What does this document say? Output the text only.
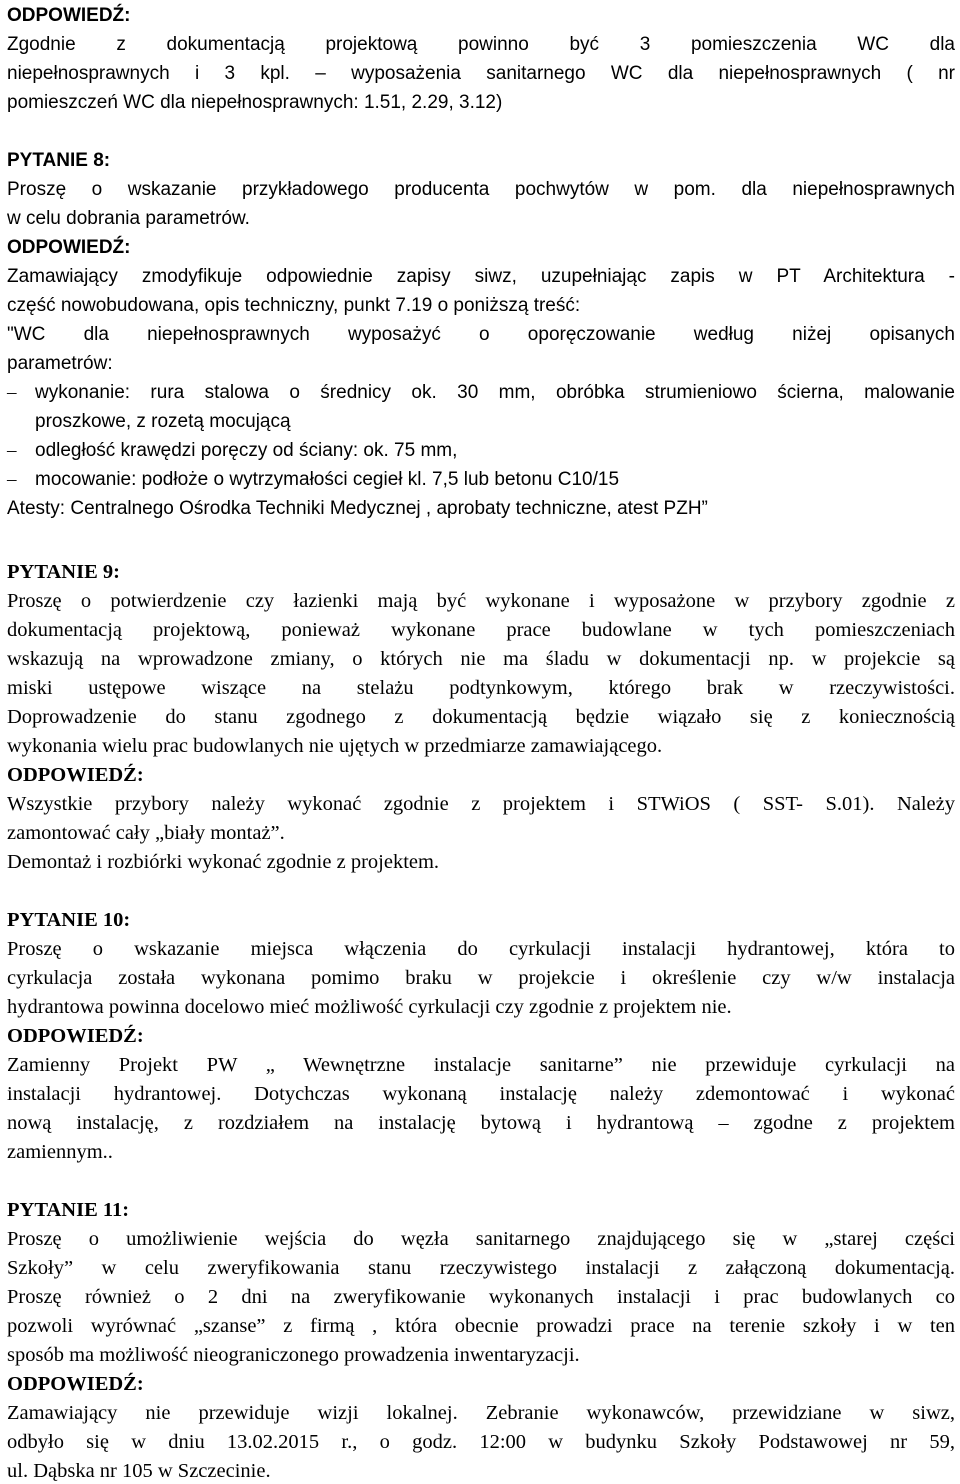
ODPOWIEDŹ:
Zgodnie z dokumentacją projektową powinno być 3 pomieszczenia WC dla
niepełnosprawnych i 3 kpl. – wyposażenia sanitarnego WC dla niepełnosprawnych ( nr
pomieszczeń WC dla niepełnosprawnych: 1.51, 2.29, 3.12)
PYTANIE 8:
Proszę o wskazanie przykładowego producenta pochwytów w pom. dla niepełnosprawnych
w celu dobrania parametrów.
ODPOWIEDŹ:
Zamawiający zmodyfikuje odpowiednie zapisy siwz, uzupełniając zapis w PT Architektura -
część nowobudowana, opis techniczny, punkt 7.19 o poniższą treść:
"WC dla niepełnosprawnych wyposażyć o oporęczowanie według niżej opisanych
parametrów:
wykonanie: rura stalowa o średnicy ok. 30 mm, obróbka strumieniowo ścierna, malowanie
–
proszkowe, z rozetą mocującą
odległość krawędzi poręczy od ściany: ok. 75 mm,
–
mocowanie: podłoże o wytrzymałości cegieł kl. 7,5 lub betonu C10/15
–
Atesty: Centralnego Ośrodka Techniki Medycznej , aprobaty techniczne, atest PZH”
PYTANIE 9:
Proszę o potwierdzenie czy łazienki mają być wykonane i wyposażone w przybory zgodnie z
dokumentacją projektową, ponieważ wykonane prace budowlane w tych pomieszczeniach
wskazują na wprowadzone zmiany, o których nie ma śladu w dokumentacji np. w projekcie są
miski ustępowe wiszące na stelażu podtynkowym, którego brak w rzeczywistości.
Doprowadzenie do stanu zgodnego z dokumentacją będzie wiązało się z koniecznością
wykonania wielu prac budowlanych nie ujętych w przedmiarze zamawiającego.
ODPOWIEDŹ:
Wszystkie przybory należy wykonać zgodnie z projektem i STWiOS ( SST- S.01). Należy
zamontować cały „biały montaż”.
Demontaż i rozbiórki wykonać zgodnie z projektem.
PYTANIE 10:
Proszę o wskazanie miejsca włączenia do cyrkulacji instalacji hydrantowej, która to
cyrkulacja została wykonana pomimo braku w projekcie i określenie czy w/w instalacja
hydrantowa powinna docelowo mieć możliwość cyrkulacji czy zgodnie z projektem nie.
ODPOWIEDŹ:
Zamienny Projekt PW „ Wewnętrzne instalacje sanitarne” nie przewiduje cyrkulacji na
instalacji hydrantowej. Dotychczas wykonaną instalację należy zdemontować i wykonać
nową instalację, z rozdziałem na instalację bytową i hydrantową – zgodne z projektem
zamiennym..
PYTANIE 11:
Proszę o umożliwienie wejścia do węzła sanitarnego znajdującego się w „starej części
Szkoły” w celu zweryfikowania stanu rzeczywistego instalacji z załączoną dokumentacją.
Proszę również o 2 dni na zweryfikowanie wykonanych instalacji i prac budowlanych co
pozwoli wyrównać „szanse” z firmą , która obecnie prowadzi prace na terenie szkoły i w ten
sposób ma możliwość nieograniczonego prowadzenia inwentaryzacji.
ODPOWIEDŹ:
Zamawiający nie przewiduje wizji lokalnej. Zebranie wykonawców, przewidziane w siwz,
odbyło się w dniu 13.02.2015 r., o godz. 12:00 w budynku Szkoły Podstawowej nr 59,
ul. Dąbska nr 105 w Szczecinie.
